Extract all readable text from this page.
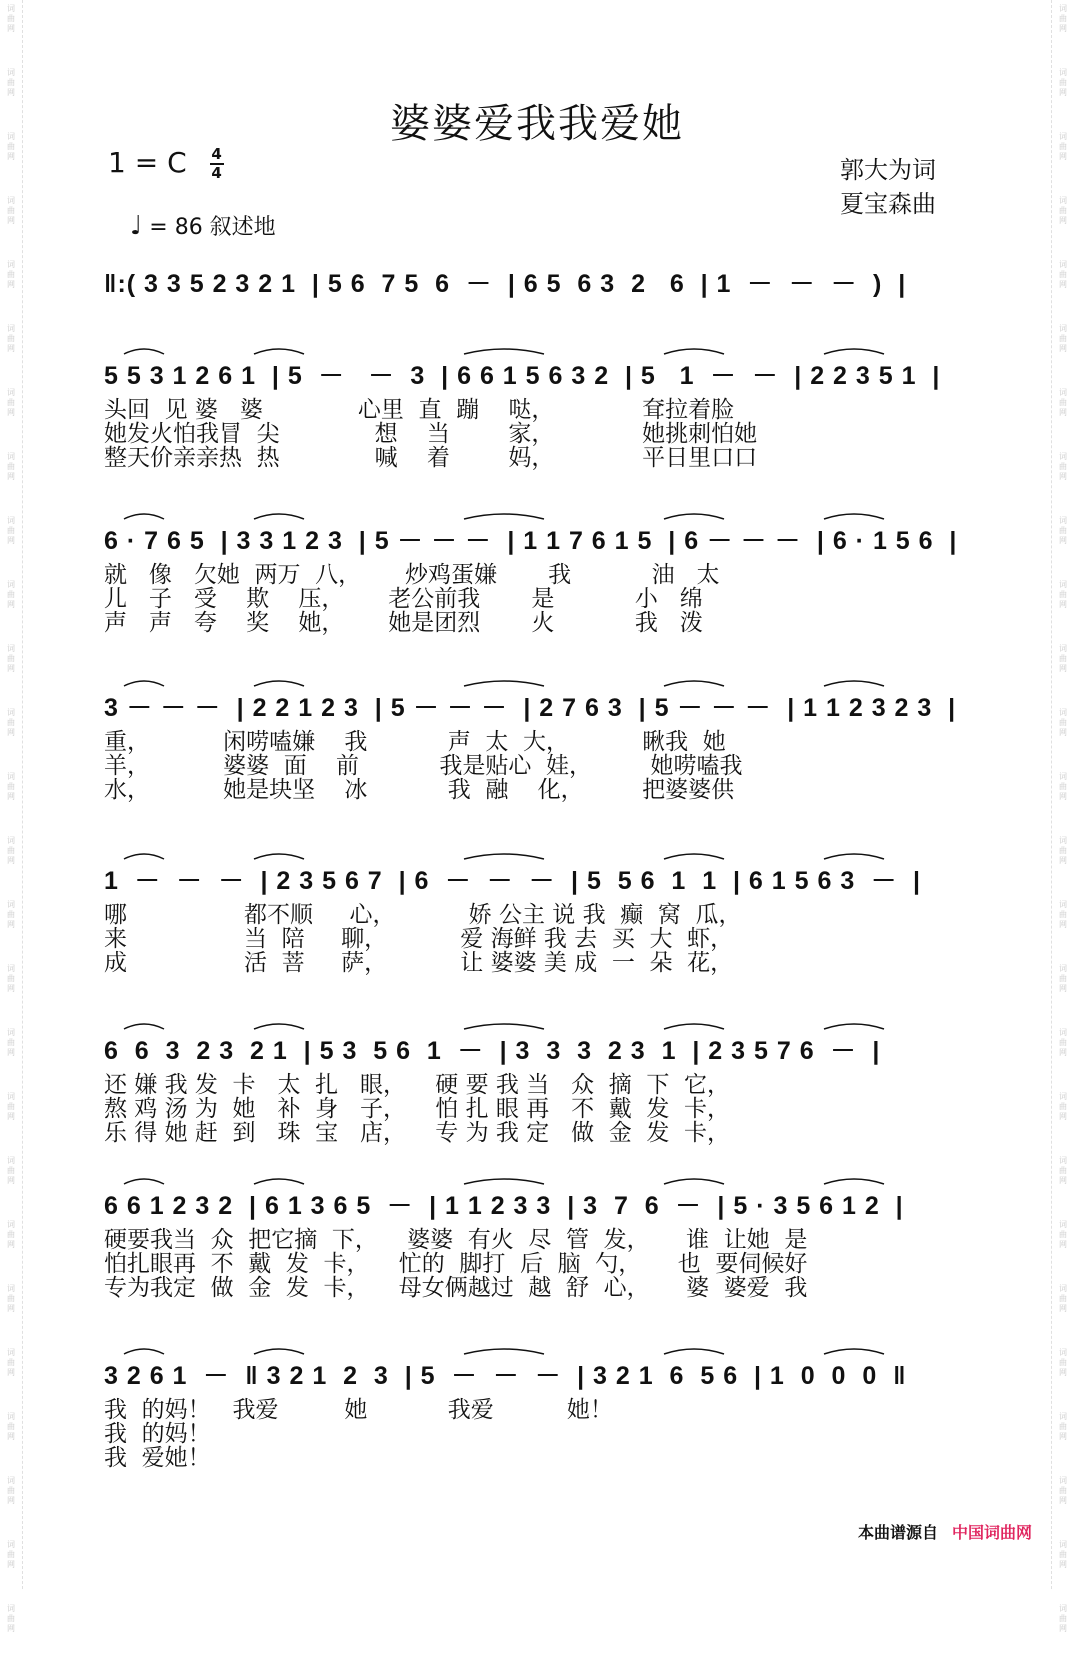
词
曲
网
词
曲
网
词
曲
网
词
曲
网
词
曲
网
词
曲
网
词
曲
网
词
曲
网
词
曲
网
词
曲
网
词
曲
网
词
曲
网
词
曲
网
词
曲
网
词
曲
网
词
曲
网
词
曲
网
词
曲
网
词
曲
网
词
曲
网
词
曲
网
词
曲
网
词
曲
网
词
曲
网
词
曲
网
词
曲
网
词
曲
网
词
曲
网
词
曲
网
词
曲
网
词
曲
网
词
曲
网
词
曲
网
词
曲
网
词
曲
网
词
曲
网
词
曲
网
词
曲
网
词
曲
网
词
曲
网
词
曲
网
词
曲
网
词
曲
网
词
曲
网
词
曲
网
词
曲
网
词
曲
网
词
曲
网
词
曲
网
词
曲
网
词
曲
网
词
曲
网
婆婆爱我我爱她
1 = C $\frac{4}{4}$	郭大为词
夏宝森曲
♩ = 86 叙述地
‖:( 3 3 5 2 3 2 1  | 5 6  7 5  6  －  | 6 5  6 3  2   6  | 1  －  －  －  )  |
5 5 3 1 2 6 1  | 5  －   －  3  | 6 6 1 5 6 3 2  | 5   1  －  －  | 2 2 3 5 1  |
头回  见 婆   婆             心里  直  蹦    哒，            耷拉着脸
她发火怕我冒  尖             想    当        家，            她挑刺怕她
整天价亲亲热  热             喊    着        妈，            平日里口口
6 · 7 6 5  | 3 3 1 2 3  | 5 － － －  | 1 1 7 6 1 5  | 6 － － －  | 6 · 1 5 6  |
就   像   欠她  两万  八，      炒鸡蛋嫌       我           油   太
儿   子   受    欺    压，      老公前我       是           小   绵
声   声   夸    奖    她，      她是团烈       火           我   泼
3 － － －  | 2 2 1 2 3  | 5 － － －  | 2 7 6 3  | 5 － － －  | 1 1 2 3 2 3  |
重，          闲唠嗑嫌    我           声  太  大，          瞅我  她
羊，          婆婆  面    前           我是贴心  娃，        她唠嗑我
水，          她是块坚    冰           我  融    化，        把婆婆供
1  －  －  －  | 2 3 5 6 7  | 6  －  －  －  | 5  5 6  1  1  | 6 1 5 6 3  －  |
哪                都不顺     心，          娇 公主 说 我  癫  窝  瓜，
来                当  陪     聊，          爱 海鲜 我 去  买  大  虾，
成                活  菩     萨，          让 婆婆 美 成  一  朵  花，
6  6  3  2 3  2 1  | 5 3  5 6  1  －  | 3  3  3  2 3  1  | 2 3 5 7 6  －  |
还 嫌 我 发  卡   太  扎   眼，    硬 要 我 当   众  摘  下  它，
熬 鸡 汤 为  她   补  身   子，    怕 扎 眼 再   不  戴  发  卡，
乐 得 她 赶  到   珠  宝   店，    专 为 我 定   做  金  发  卡，
6 6 1 2 3 2  | 6 1 3 6 5  －  | 1 1 2 3 3  | 3  7  6  －  | 5 · 3 5 6 1 2  |
硬要我当  众  把它摘  下，    婆婆  有火  尽  管  发，     谁  让她  是
怕扎眼再  不  戴  发  卡，    忙的  脚打  后  脑  勺，     也  要伺候好
专为我定  做  金  发  卡，    母女俩越过  越  舒  心，     婆  婆爱  我
3 2 6 1  －  ‖ 3 2 1  2  3  | 5  －  －  －  | 3 2 1  6  5 6  | 1  0  0  0  ‖
我  的妈！   我爱         她           我爱          她！
我  的妈！
我  爱她！
本曲谱源自 中国词曲网
